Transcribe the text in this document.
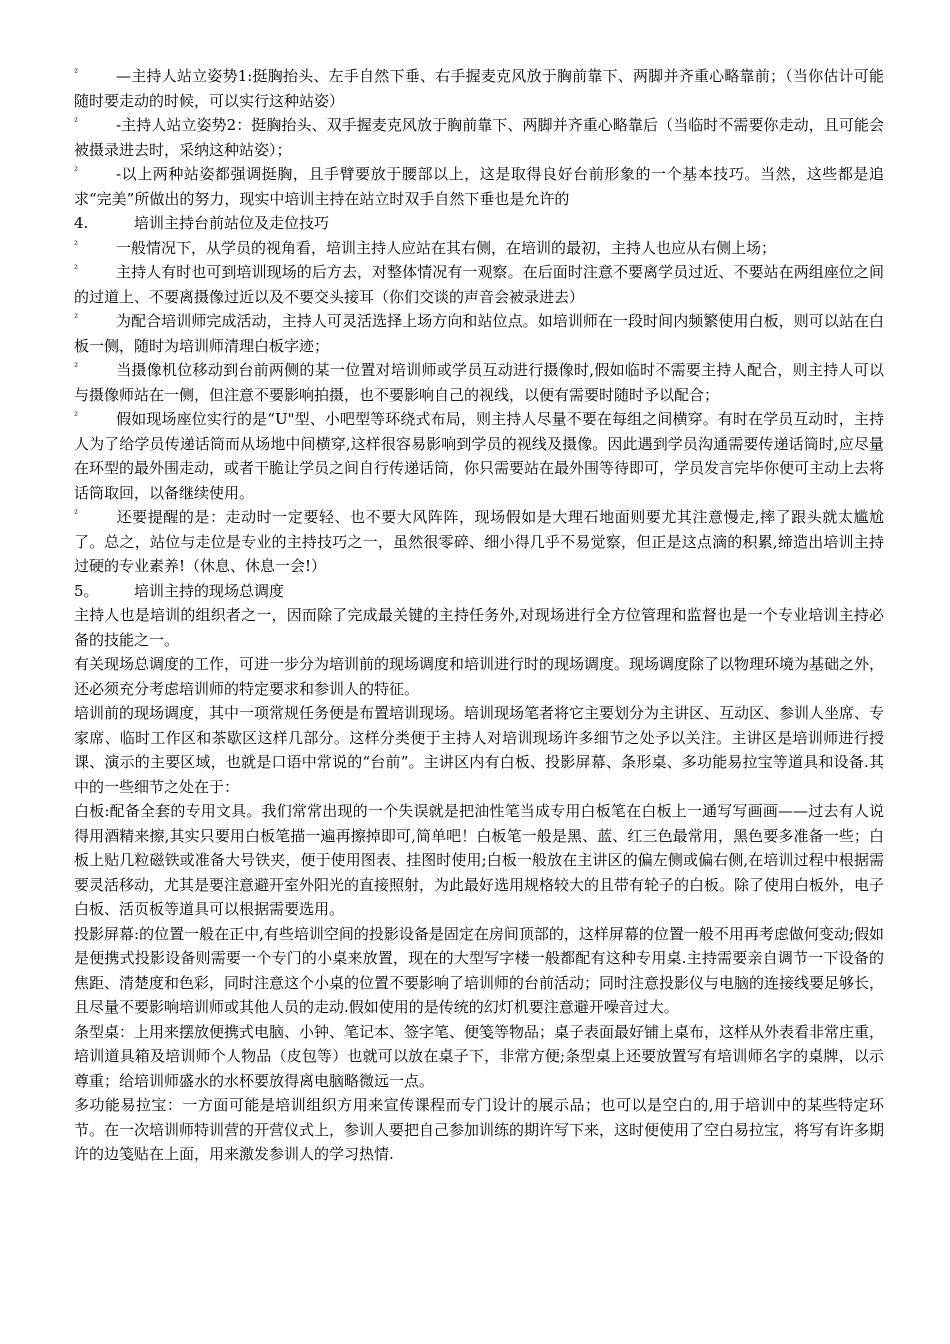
²	—主持人站立姿势1:挺胸抬头、左手自然下垂、右手握麦克风放于胸前靠下、两脚并齐重心略靠前；（当你估计可能随时要走动的时候，可以实行这种站姿）

²	-主持人站立姿势2：挺胸抬头、双手握麦克风放于胸前靠下、两脚并齐重心略靠后（当临时不需要你走动，且可能会被摄录进去时，采纳这种站姿）；

²	-以上两种站姿都强调挺胸，且手臂要放于腰部以上，这是取得良好台前形象的一个基本技巧。当然，这些都是追求“完美”所做出的努力，现实中培训主持在站立时双手自然下垂也是允许的

4.	培训主持台前站位及走位技巧

²	一般情况下，从学员的视角看，培训主持人应站在其右侧，在培训的最初，主持人也应从右侧上场；

²	主持人有时也可到培训现场的后方去，对整体情况有一观察。在后面时注意不要离学员过近、不要站在两组座位之间的过道上、不要离摄像过近以及不要交头接耳（你们交谈的声音会被录进去）

²	为配合培训师完成活动，主持人可灵活选择上场方向和站位点。如培训师在一段时间内频繁使用白板，则可以站在白板一侧，随时为培训师清理白板字迹；

²	当摄像机位移动到台前两侧的某一位置对培训师或学员互动进行摄像时,假如临时不需要主持人配合，则主持人可以与摄像师站在一侧，但注意不要影响拍摄，也不要影响自己的视线，以便有需要时随时予以配合；

²	假如现场座位实行的是“U"型、小吧型等环绕式布局，则主持人尽量不要在每组之间横穿。有时在学员互动时，主持人为了给学员传递话筒而从场地中间横穿,这样很容易影响到学员的视线及摄像。因此遇到学员沟通需要传递话筒时,应尽量在环型的最外围走动，或者干脆让学员之间自行传递话筒，你只需要站在最外围等待即可，学员发言完毕你便可主动上去将话筒取回，以备继续使用。

²	还要提醒的是：走动时一定要轻、也不要大风阵阵，现场假如是大理石地面则要尤其注意慢走,摔了跟头就太尴尬了。总之，站位与走位是专业的主持技巧之一，虽然很零碎、细小得几乎不易觉察，但正是这点滴的积累,缔造出培训主持过硬的专业素养!（休息、休息一会!）

5。 培训主持的现场总调度

主持人也是培训的组织者之一，因而除了完成最关键的主持任务外,对现场进行全方位管理和监督也是一个专业培训主持必备的技能之一。

有关现场总调度的工作，可进一步分为培训前的现场调度和培训进行时的现场调度。现场调度除了以物理环境为基础之外，还必须充分考虑培训师的特定要求和参训人的特征。

培训前的现场调度，其中一项常规任务便是布置培训现场。培训现场笔者将它主要划分为主讲区、互动区、参训人坐席、专家席、临时工作区和茶歇区这样几部分。这样分类便于主持人对培训现场许多细节之处予以关注。主讲区是培训师进行授课、演示的主要区域，也就是口语中常说的“台前”。主讲区内有白板、投影屏幕、条形桌、多功能易拉宝等道具和设备.其中的一些细节之处在于：

白板:配备全套的专用文具。我们常常出现的一个失误就是把油性笔当成专用白板笔在白板上一通写写画画——过去有人说得用酒精来擦,其实只要用白板笔描一遍再擦掉即可,简单吧！白板笔一般是黑、蓝、红三色最常用，黑色要多准备一些；白板上贴几粒磁铁或准备大号铁夹，便于使用图表、挂图时使用;白板一般放在主讲区的偏左侧或偏右侧,在培训过程中根据需要灵活移动，尤其是要注意避开室外阳光的直接照射，为此最好选用规格较大的且带有轮子的白板。除了使用白板外，电子白板、活页板等道具可以根据需要选用。

投影屏幕:的位置一般在正中,有些培训空间的投影设备是固定在房间顶部的，这样屏幕的位置一般不用再考虑做何变动;假如是便携式投影设备则需要一个专门的小桌来放置，现在的大型写字楼一般都配有这种专用桌.主持需要亲自调节一下设备的焦距、清楚度和色彩，同时注意这个小桌的位置不要影响了培训师的台前活动；同时注意投影仪与电脑的连接线要足够长，且尽量不要影响培训师或其他人员的走动.假如使用的是传统的幻灯机要注意避开噪音过大。

条型桌：上用来摆放便携式电脑、小钟、笔记本、签字笔、便笺等物品；桌子表面最好铺上桌布，这样从外表看非常庄重，培训道具箱及培训师个人物品（皮包等）也就可以放在桌子下，非常方便;条型桌上还要放置写有培训师名字的桌牌，以示尊重；给培训师盛水的水杯要放得离电脑略微远一点。

多功能易拉宝：一方面可能是培训组织方用来宣传课程而专门设计的展示品；也可以是空白的,用于培训中的某些特定环节。在一次培训师特训营的开营仪式上，参训人要把自己参加训练的期许写下来，这时便使用了空白易拉宝，将写有许多期许的边笺贴在上面，用来激发参训人的学习热情.
